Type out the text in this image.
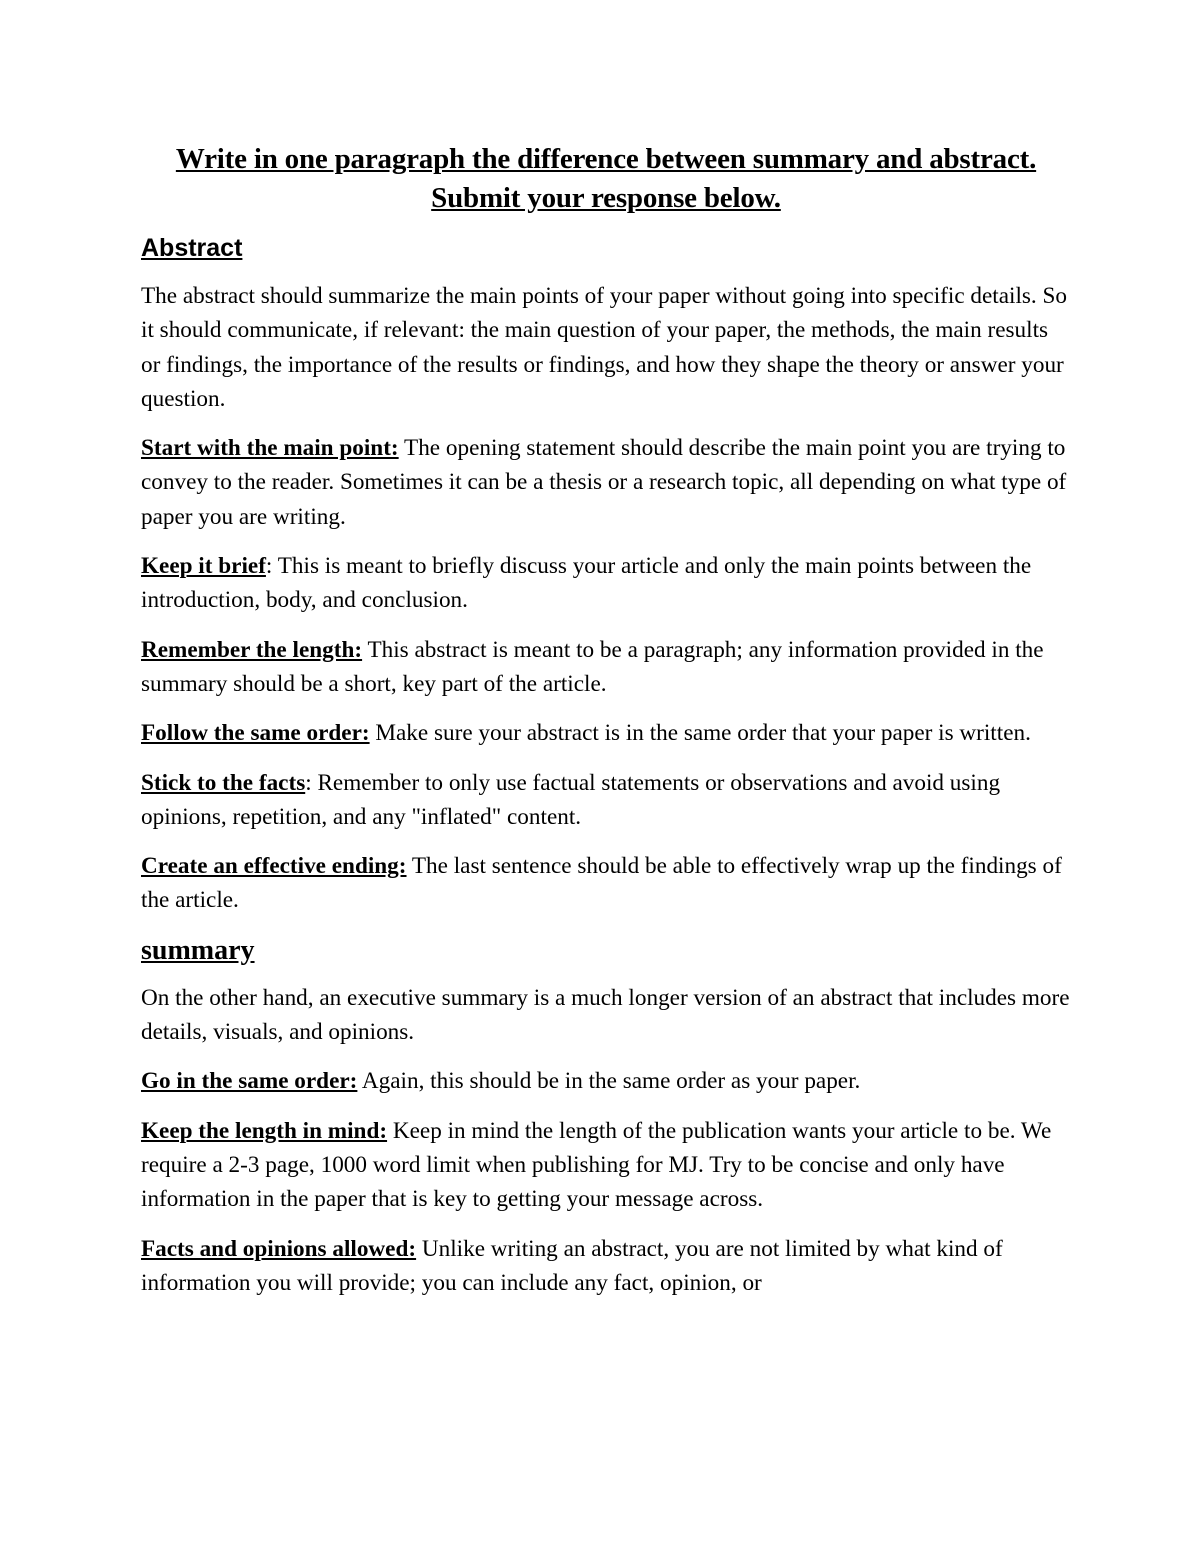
Write in one paragraph the difference between summary and abstract. Submit your response below.
Abstract

The abstract should summarize the main points of your paper without going into specific details. So it should communicate, if relevant: the main question of your paper, the methods, the main results or findings, the importance of the results or findings, and how they shape the theory or answer your question.

Start with the main point: The opening statement should describe the main point you are trying to convey to the reader. Sometimes it can be a thesis or a research topic, all depending on what type of paper you are writing.

Keep it brief: This is meant to briefly discuss your article and only the main points between the introduction, body, and conclusion.

Remember the length: This abstract is meant to be a paragraph; any information provided in the summary should be a short, key part of the article.

Follow the same order: Make sure your abstract is in the same order that your paper is written.

Stick to the facts: Remember to only use factual statements or observations and avoid using opinions, repetition, and any "inflated" content.

Create an effective ending: The last sentence should be able to effectively wrap up the findings of the article.

summary

On the other hand, an executive summary is a much longer version of an abstract that includes more details, visuals, and opinions.

Go in the same order: Again, this should be in the same order as your paper.

Keep the length in mind: Keep in mind the length of the publication wants your article to be. We require a 2-3 page, 1000 word limit when publishing for MJ. Try to be concise and only have information in the paper that is key to getting your message across.

Facts and opinions allowed: Unlike writing an abstract, you are not limited by what kind of information you will provide; you can include any fact, opinion, or
